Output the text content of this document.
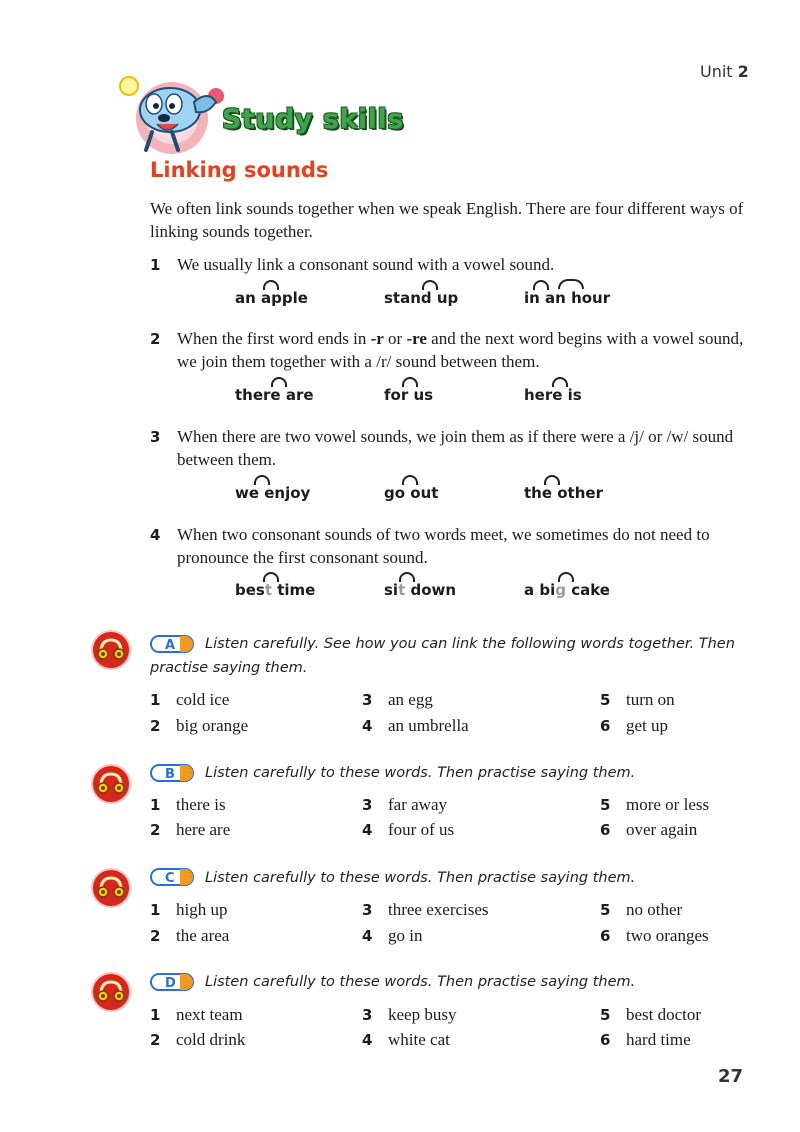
Unit 2
Study skills
Linking sounds
We often link sounds together when we speak English. There are four different ways of linking sounds together.
1 We usually link a consonant sound with a vowel sound.
an apple	stand up	in an hour
2 When the first word ends in -r or -re and the next word begins with a vowel sound, we join them together with a /r/ sound between them.
there are	for us	here is
3 When there are two vowel sounds, we join them as if there were a /j/ or /w/ sound between them.
we enjoy	go out	the other
4 When two consonant sounds of two words meet, we sometimes do not need to pronounce the first consonant sound.
best time	sit down	a big cake
A	Listen carefully. See how you can link the following words together. Then practise saying them.
1 cold ice	3 an egg	5 turn on
2 big orange	4 an umbrella	6 get up
B Listen carefully to these words. Then practise saying them.
1 there is	3 far away	5 more or less
2 here are	4 four of us	6 over again
C Listen carefully to these words. Then practise saying them.
1 high up	3 three exercises	5 no other
2 the area	4 go in	6 two oranges
D Listen carefully to these words. Then practise saying them.
1 next team	3 keep busy	5 best doctor
2 cold drink	4 white cat	6 hard time
27
